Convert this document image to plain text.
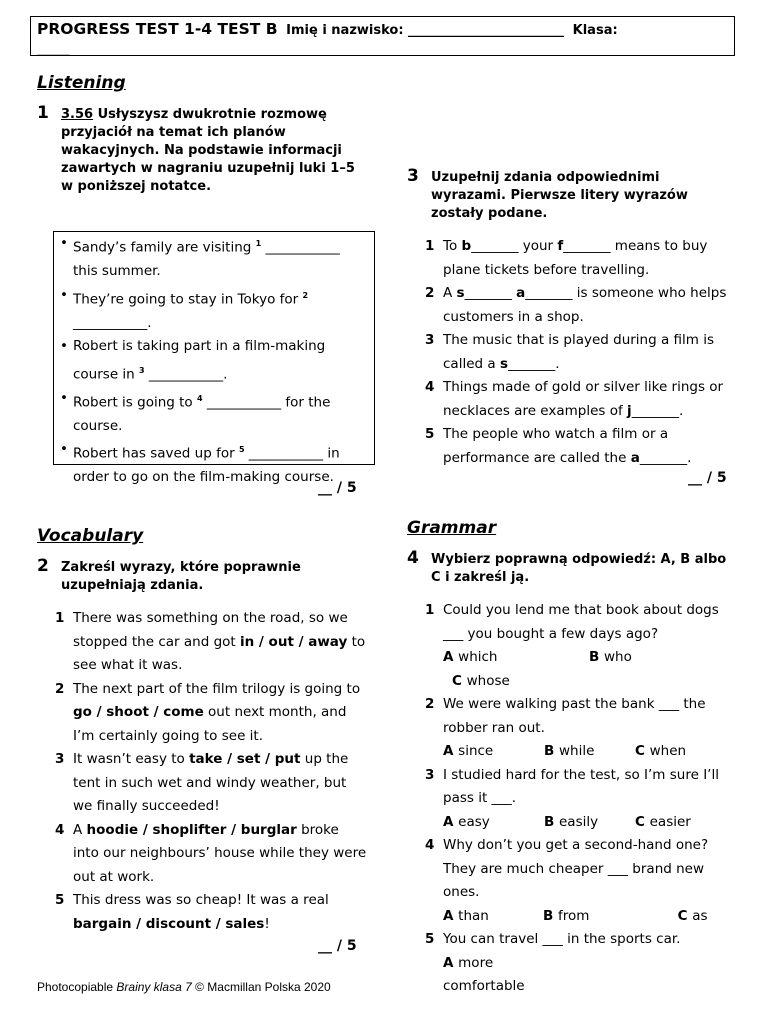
PROGRESS TEST 1-4 TEST B Imię i nazwisko: ________________________ Klasa:
_____
Listening
1 3.56 Usłyszysz dwukrotnie rozmowę przyjaciół na temat ich planów wakacyjnych. Na podstawie informacji zawartych w nagraniu uzupełnij luki 1–5 w poniższej notatce.
• Sandy’s family are visiting $^1$ ___________ this summer.
• They’re going to stay in Tokyo for $^2$ ___________.
• Robert is taking part in a film-making course in $^3$ ___________.
• Robert is going to $^4$ ___________ for the course.
• Robert has saved up for $^5$ ___________ in order to go on the film-making course.
__ / 5
Vocabulary
2 Zakreśl wyrazy, które poprawnie uzupełniają zdania.
1 There was something on the road, so we stopped the car and got in / out / away to see what it was.
2 The next part of the film trilogy is going to go / shoot / come out next month, and I’m certainly going to see it.
3 It wasn’t easy to take / set / put up the tent in such wet and windy weather, but we finally succeeded!
4 A hoodie / shoplifter / burglar broke into our neighbours’ house while they were out at work.
5 This dress was so cheap! It was a real bargain / discount / sales!
__ / 5
3 Uzupełnij zdania odpowiednimi wyrazami. Pierwsze litery wyrazów zostały podane.
1 To b_______ your f_______ means to buy plane tickets before travelling.
2 A s_______ a_______ is someone who helps customers in a shop.
3 The music that is played during a film is called a s_______.
4 Things made of gold or silver like rings or necklaces are examples of j_______.
5 The people who watch a film or a performance are called the a_______.
__ / 5
Grammar
4 Wybierz poprawną odpowiedź: A, B albo C i zakreśl ją.
1 Could you lend me that book about dogs ___ you bought a few days ago?
A which	B who
C whose
2 We were walking past the bank ___ the robber ran out.
A since	B while	C when
3 I studied hard for the test, so I’m sure I’ll pass it ___.
A easy	B easily	C easier
4 Why don’t you get a second-hand one? They are much cheaper ___ brand new ones.
A than	B from	C as
5 You can travel ___ in the sports car.
A more comfortable
Photocopiable Brainy klasa 7 © Macmillan Polska 2020
